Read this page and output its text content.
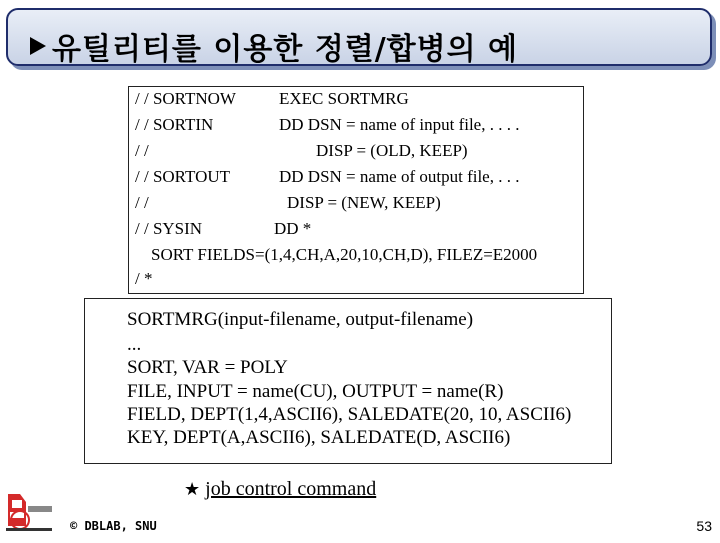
유틸리티를 이용한 정렬/합병의 예
/ / SORTNOW	EXEC SORTMRG
/ / SORTIN	DD DSN = name of input file, . . . .
/ /	DISP = (OLD, KEEP)
/ / SORTOUT	DD DSN = name of output file, . . .
/ /	DISP = (NEW, KEEP)
/ / SYSIN	DD *
SORT FIELDS=(1,4,CH,A,20,10,CH,D), FILEZ=E2000
/ *
SORTMRG(input-filename, output-filename)
...
SORT, VAR = POLY
FILE, INPUT = name(CU), OUTPUT = name(R)
FIELD, DEPT(1,4,ASCII6), SALEDATE(20, 10, ASCII6)
KEY, DEPT(A,ASCII6), SALEDATE(D, ASCII6)
★ job control command
© DBLAB, SNU	53
